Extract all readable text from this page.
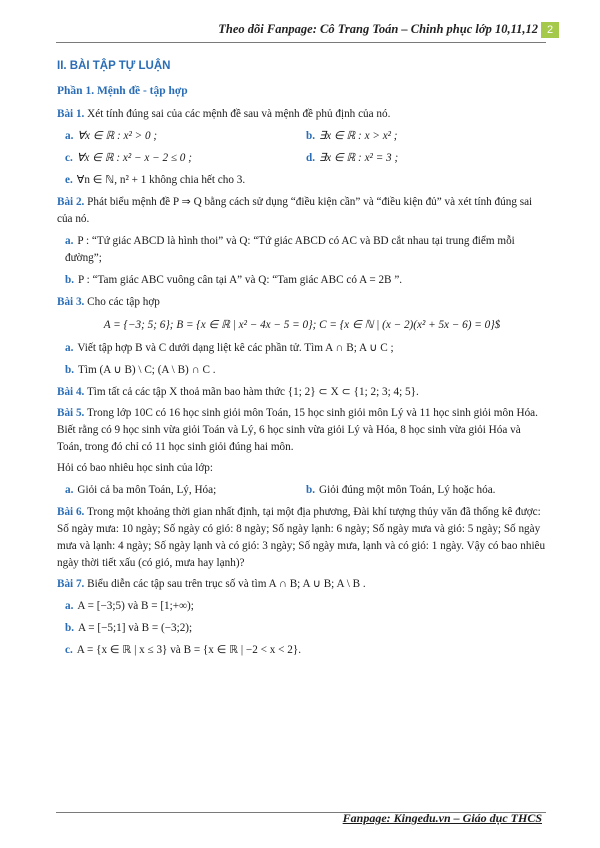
Theo dõi Fanpage: Cô Trang Toán – Chinh phục lớp 10,11,12 2
II. BÀI TẬP TỰ LUẬN
Phần 1. Mệnh đề - tập hợp
Bài 1. Xét tính đúng sai của các mệnh đề sau và mệnh đề phủ định của nó.
a. ∀x ∈ ℝ : x² > 0 ;	b. ∃x ∈ ℝ : x > x² ;
c. ∀x ∈ ℝ : x² − x − 2 ≤ 0 ;	d. ∃x ∈ ℝ : x² = 3 ;
e. ∀n ∈ ℕ, n² + 1 không chia hết cho 3.
Bài 2. Phát biểu mệnh đề P ⇒ Q bằng cách sử dụng “điều kiện cần” và “điều kiện đủ” và xét tính đúng sai của nó.
a. P : “Tứ giác ABCD là hình thoi” và Q: “Tứ giác ABCD có AC và BD cắt nhau tại trung điểm mỗi đường”;
b. P : “Tam giác ABC vuông cân tại A” và Q: “Tam giác ABC có A = 2B ”.
Bài 3. Cho các tập hợp
A = {−3; 5; 6}; B = {x ∈ ℝ | x² − 4x − 5 = 0}; C = {x ∈ ℕ | (x − 2)(x² + 5x − 6) = 0}$
a. Viết tập hợp B và C dưới dạng liệt kê các phần tử. Tìm A ∩ B; A ∪ C ;
b. Tìm (A ∪ B) \ C; (A \ B) ∩ C .
Bài 4. Tìm tất cả các tập X thoả mãn bao hàm thức {1; 2} ⊂ X ⊂ {1; 2; 3; 4; 5}.
Bài 5. Trong lớp 10C có 16 học sinh giỏi môn Toán, 15 học sinh giỏi môn Lý và 11 học sinh giỏi môn Hóa. Biết rằng có 9 học sinh vừa giỏi Toán và Lý, 6 học sinh vừa giỏi Lý và Hóa, 8 học sinh vừa giỏi Hóa và Toán, trong đó chỉ có 11 học sinh giỏi đúng hai môn.
Hỏi có bao nhiêu học sinh của lớp:
a. Giỏi cả ba môn Toán, Lý, Hóa;	b. Giỏi đúng một môn Toán, Lý hoặc hóa.
Bài 6. Trong một khoảng thời gian nhất định, tại một địa phương, Đài khí tượng thủy văn đã thống kê được: Số ngày mưa: 10 ngày; Số ngày có gió: 8 ngày; Số ngày lạnh: 6 ngày; Số ngày mưa và gió: 5 ngày; Số ngày mưa và lạnh: 4 ngày; Số ngày lạnh và có gió: 3 ngày; Số ngày mưa, lạnh và có gió: 1 ngày. Vậy có bao nhiêu ngày thời tiết xấu (có gió, mưa hay lạnh)?
Bài 7. Biểu diễn các tập sau trên trục số và tìm A ∩ B; A ∪ B; A \ B .
a. A = [−3;5) và B = [1;+∞);
b. A = [−5;1] và B = (−3;2);
c. A = {x ∈ ℝ | x ≤ 3} và B = {x ∈ ℝ | −2 < x < 2}.
Fanpage: Kingedu.vn – Giáo dục THCS
